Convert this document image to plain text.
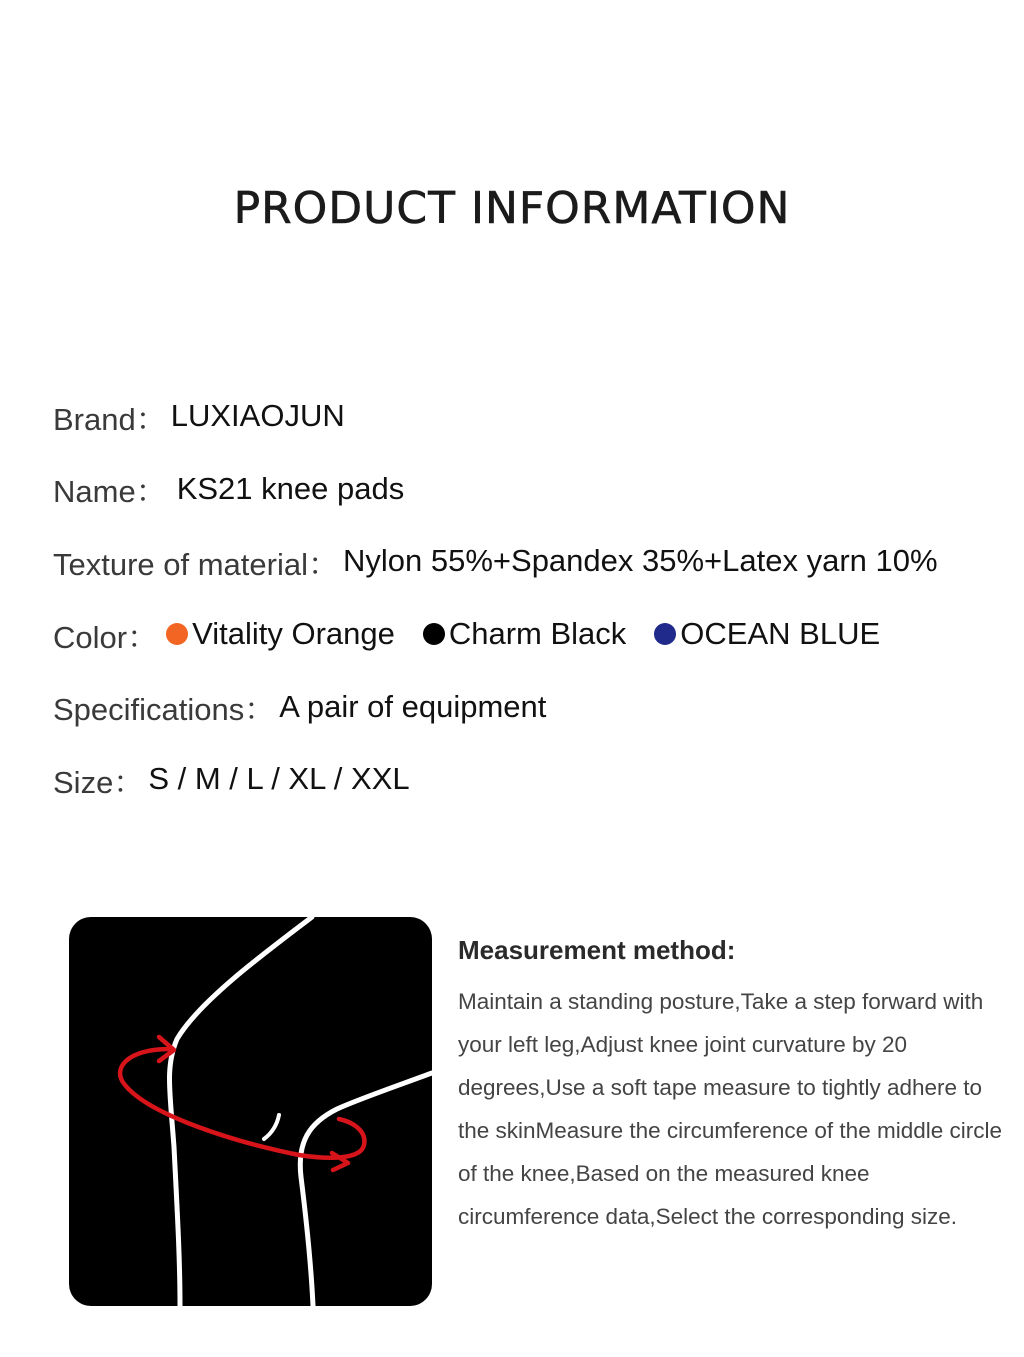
PRODUCT INFORMATION
Brand： LUXIAOJUN
Name： KS21 knee pads
Texture of material： Nylon 55%+Spandex 35%+Latex yarn 10%
Color： Vitality Orange Charm Black OCEAN BLUE
Specifications： A pair of equipment
Size： S / M / L / XL / XXL
Measurement method:

Maintain a standing posture,Take a step forward with your left leg,Adjust knee joint curvature by 20 degrees,Use a soft tape measure to tightly adhere to the skinMeasure the circumference of the middle circle of the knee,Based on the measured knee circumference data,Select the corresponding size.
